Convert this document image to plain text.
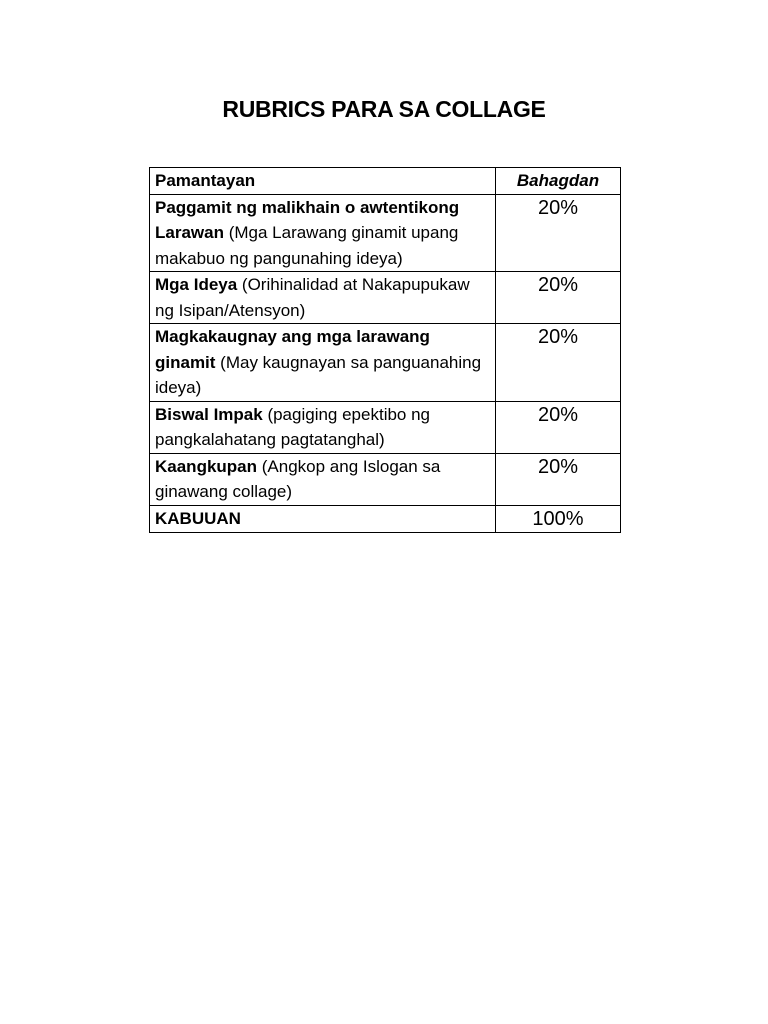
RUBRICS PARA SA COLLAGE
Pamantayan	Bahagdan
Paggamit ng malikhain o awtentikong Larawan (Mga Larawang ginamit upang makabuo ng pangunahing ideya)	20%
Mga Ideya (Orihinalidad at Nakapupukaw ng Isipan/Atensyon)	20%
Magkakaugnay ang mga larawang ginamit (May kaugnayan sa panguanahing ideya)	20%
Biswal Impak (pagiging epektibo ng pangkalahatang pagtatanghal)	20%
Kaangkupan (Angkop ang Islogan sa ginawang collage)	20%
KABUUAN	100%
